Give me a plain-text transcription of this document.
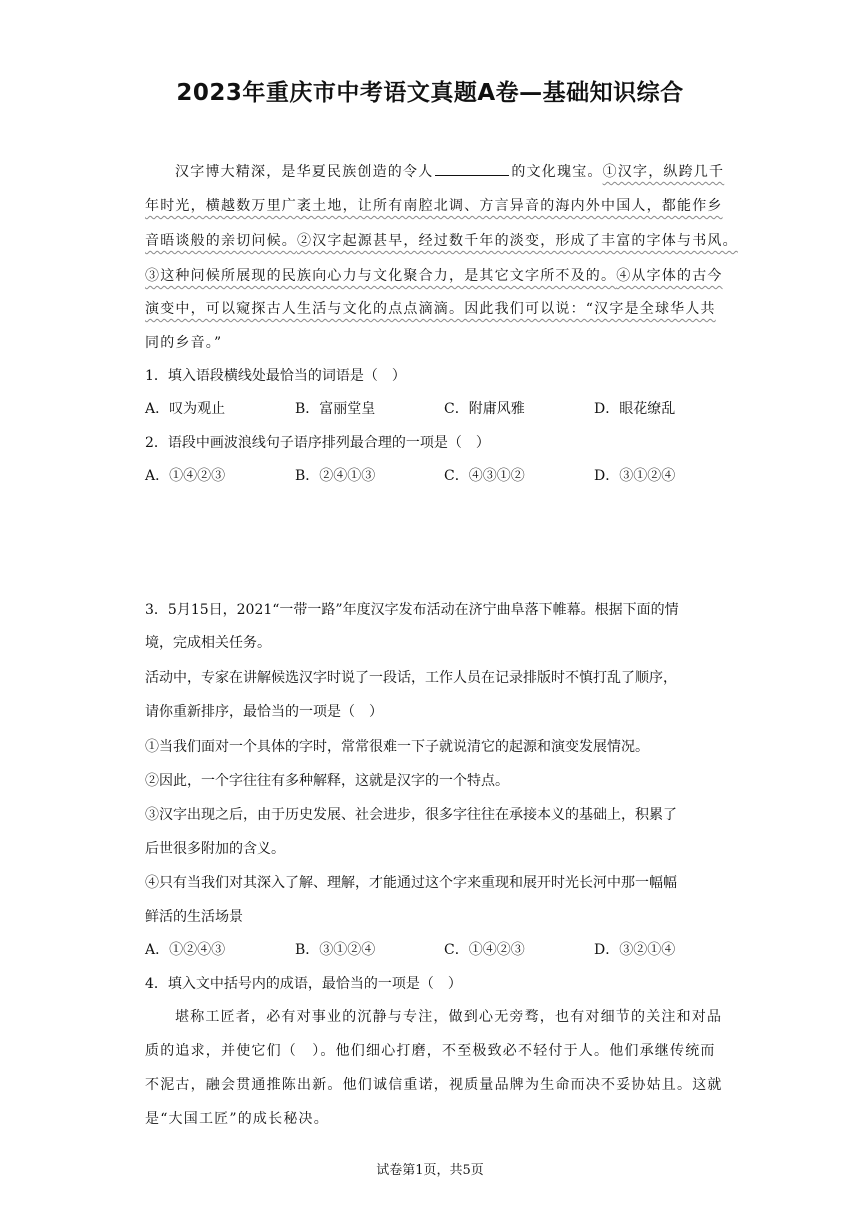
2023年重庆市中考语文真题A卷—基础知识综合
汉字博大精深，是华夏民族创造的令人	的文化瑰宝。①汉字，纵跨几千
年时光，横越数万里广袤土地，让所有南腔北调、方言异音的海内外中国人，都能作乡
音晤谈般的亲切问候。②汉字起源甚早，经过数千年的淡变，形成了丰富的字体与书风。
③这种问候所展现的民族向心力与文化聚合力，是其它文字所不及的。④从字体的古今
演变中，可以窥探古人生活与文化的点点滴滴。因此我们可以说：“汉字是全球华人共
同的乡音。”
1．填入语段横线处最恰当的词语是（　）
A．叹为观止	B．富丽堂皇	C．附庸风雅	D．眼花缭乱
2．语段中画波浪线句子语序排列最合理的一项是（　）
A．①④②③	B．②④①③	C．④③①②	D．③①②④
3．5月15日，2021“一带一路”年度汉字发布活动在济宁曲阜落下帷幕。根据下面的情
境，完成相关任务。
活动中，专家在讲解候选汉字时说了一段话，工作人员在记录排版时不慎打乱了顺序，
请你重新排序，最恰当的一项是（　）
①当我们面对一个具体的字时，常常很难一下子就说清它的起源和演变发展情况。
②因此，一个字往往有多种解释，这就是汉字的一个特点。
③汉字出现之后，由于历史发展、社会进步，很多字往往在承接本义的基础上，积累了
后世很多附加的含义。
④只有当我们对其深入了解、理解，才能通过这个字来重现和展开时光长河中那一幅幅
鲜活的生活场景
A．①②④③	B．③①②④	C．①④②③	D．③②①④
4．填入文中括号内的成语，最恰当的一项是（　）
堪称工匠者，必有对事业的沉静与专注，做到心无旁骛，也有对细节的关注和对品
质的追求，并使它们（　）。他们细心打磨，不至极致必不轻付于人。他们承继传统而
不泥古，融会贯通推陈出新。他们诚信重诺，视质量品牌为生命而决不妥协姑且。这就
是“大国工匠”的成长秘决。
试卷第1页，共5页
